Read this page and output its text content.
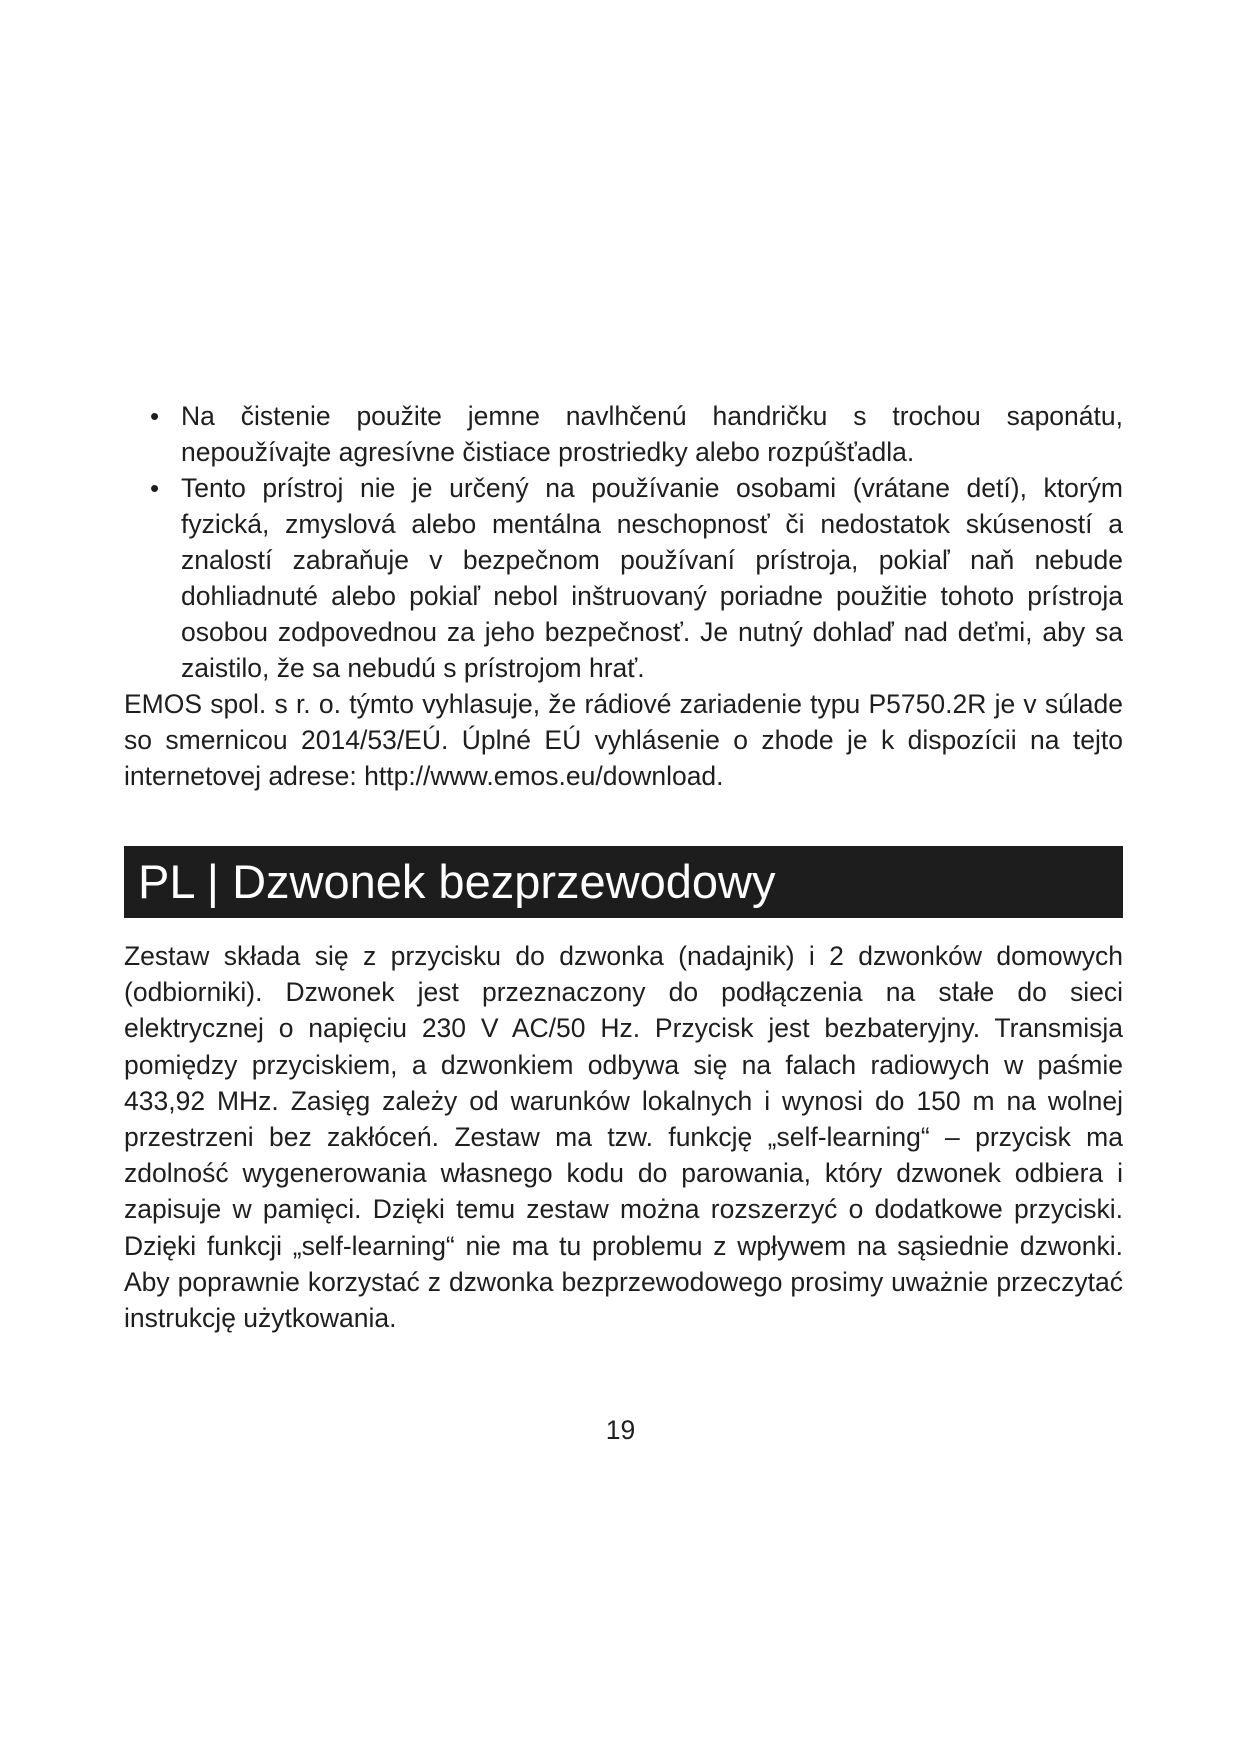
• Na čistenie použite jemne navlhčenú handričku s trochou saponátu, nepoužívajte agresívne čistiace prostriedky alebo rozpúšťadla.
• Tento prístroj nie je určený na používanie osobami (vrátane detí), ktorým fyzická, zmyslová alebo mentálna neschopnosť či nedostatok skúseností a znalostí zabraňuje v bezpečnom používaní prístroja, pokiaľ naň nebude dohliadnuté alebo pokiaľ nebol inštruovaný poriadne použitie tohoto prístroja osobou zodpovednou za jeho bezpečnosť. Je nutný dohlaď nad deťmi, aby sa zaistilo, že sa nebudú s prístrojom hrať.

EMOS spol. s r. o. týmto vyhlasuje, že rádiové zariadenie typu P5750.2R je v súlade so smernicou 2014/53/EÚ. Úplné EÚ vyhlásenie o zhode je k dispozícii na tejto internetovej adrese: http://www.emos.eu/download.

PL | Dzwonek bezprzewodowy

Zestaw składa się z przycisku do dzwonka (nadajnik) i 2 dzwonków domowych (odbiorniki). Dzwonek jest przeznaczony do podłączenia na stałe do sieci elektrycznej o napięciu 230 V AC/50 Hz. Przycisk jest bezbateryjny. Transmisja pomiędzy przyciskiem, a dzwonkiem odbywa się na falach radiowych w paśmie 433,92 MHz. Zasięg zależy od warunków lokalnych i wynosi do 150 m na wolnej przestrzeni bez zakłóceń. Zestaw ma tzw. funkcję „self-learning“ – przycisk ma zdolność wygenerowania własnego kodu do parowania, który dzwonek odbiera i zapisuje w pamięci. Dzięki temu zestaw można rozszerzyć o dodatkowe przyciski. Dzięki funkcji „self-learning“ nie ma tu problemu z wpływem na sąsiednie dzwonki. Aby poprawnie korzystać z dzwonka bezprzewodowego prosimy uważnie przeczytać instrukcję użytkowania.

19
